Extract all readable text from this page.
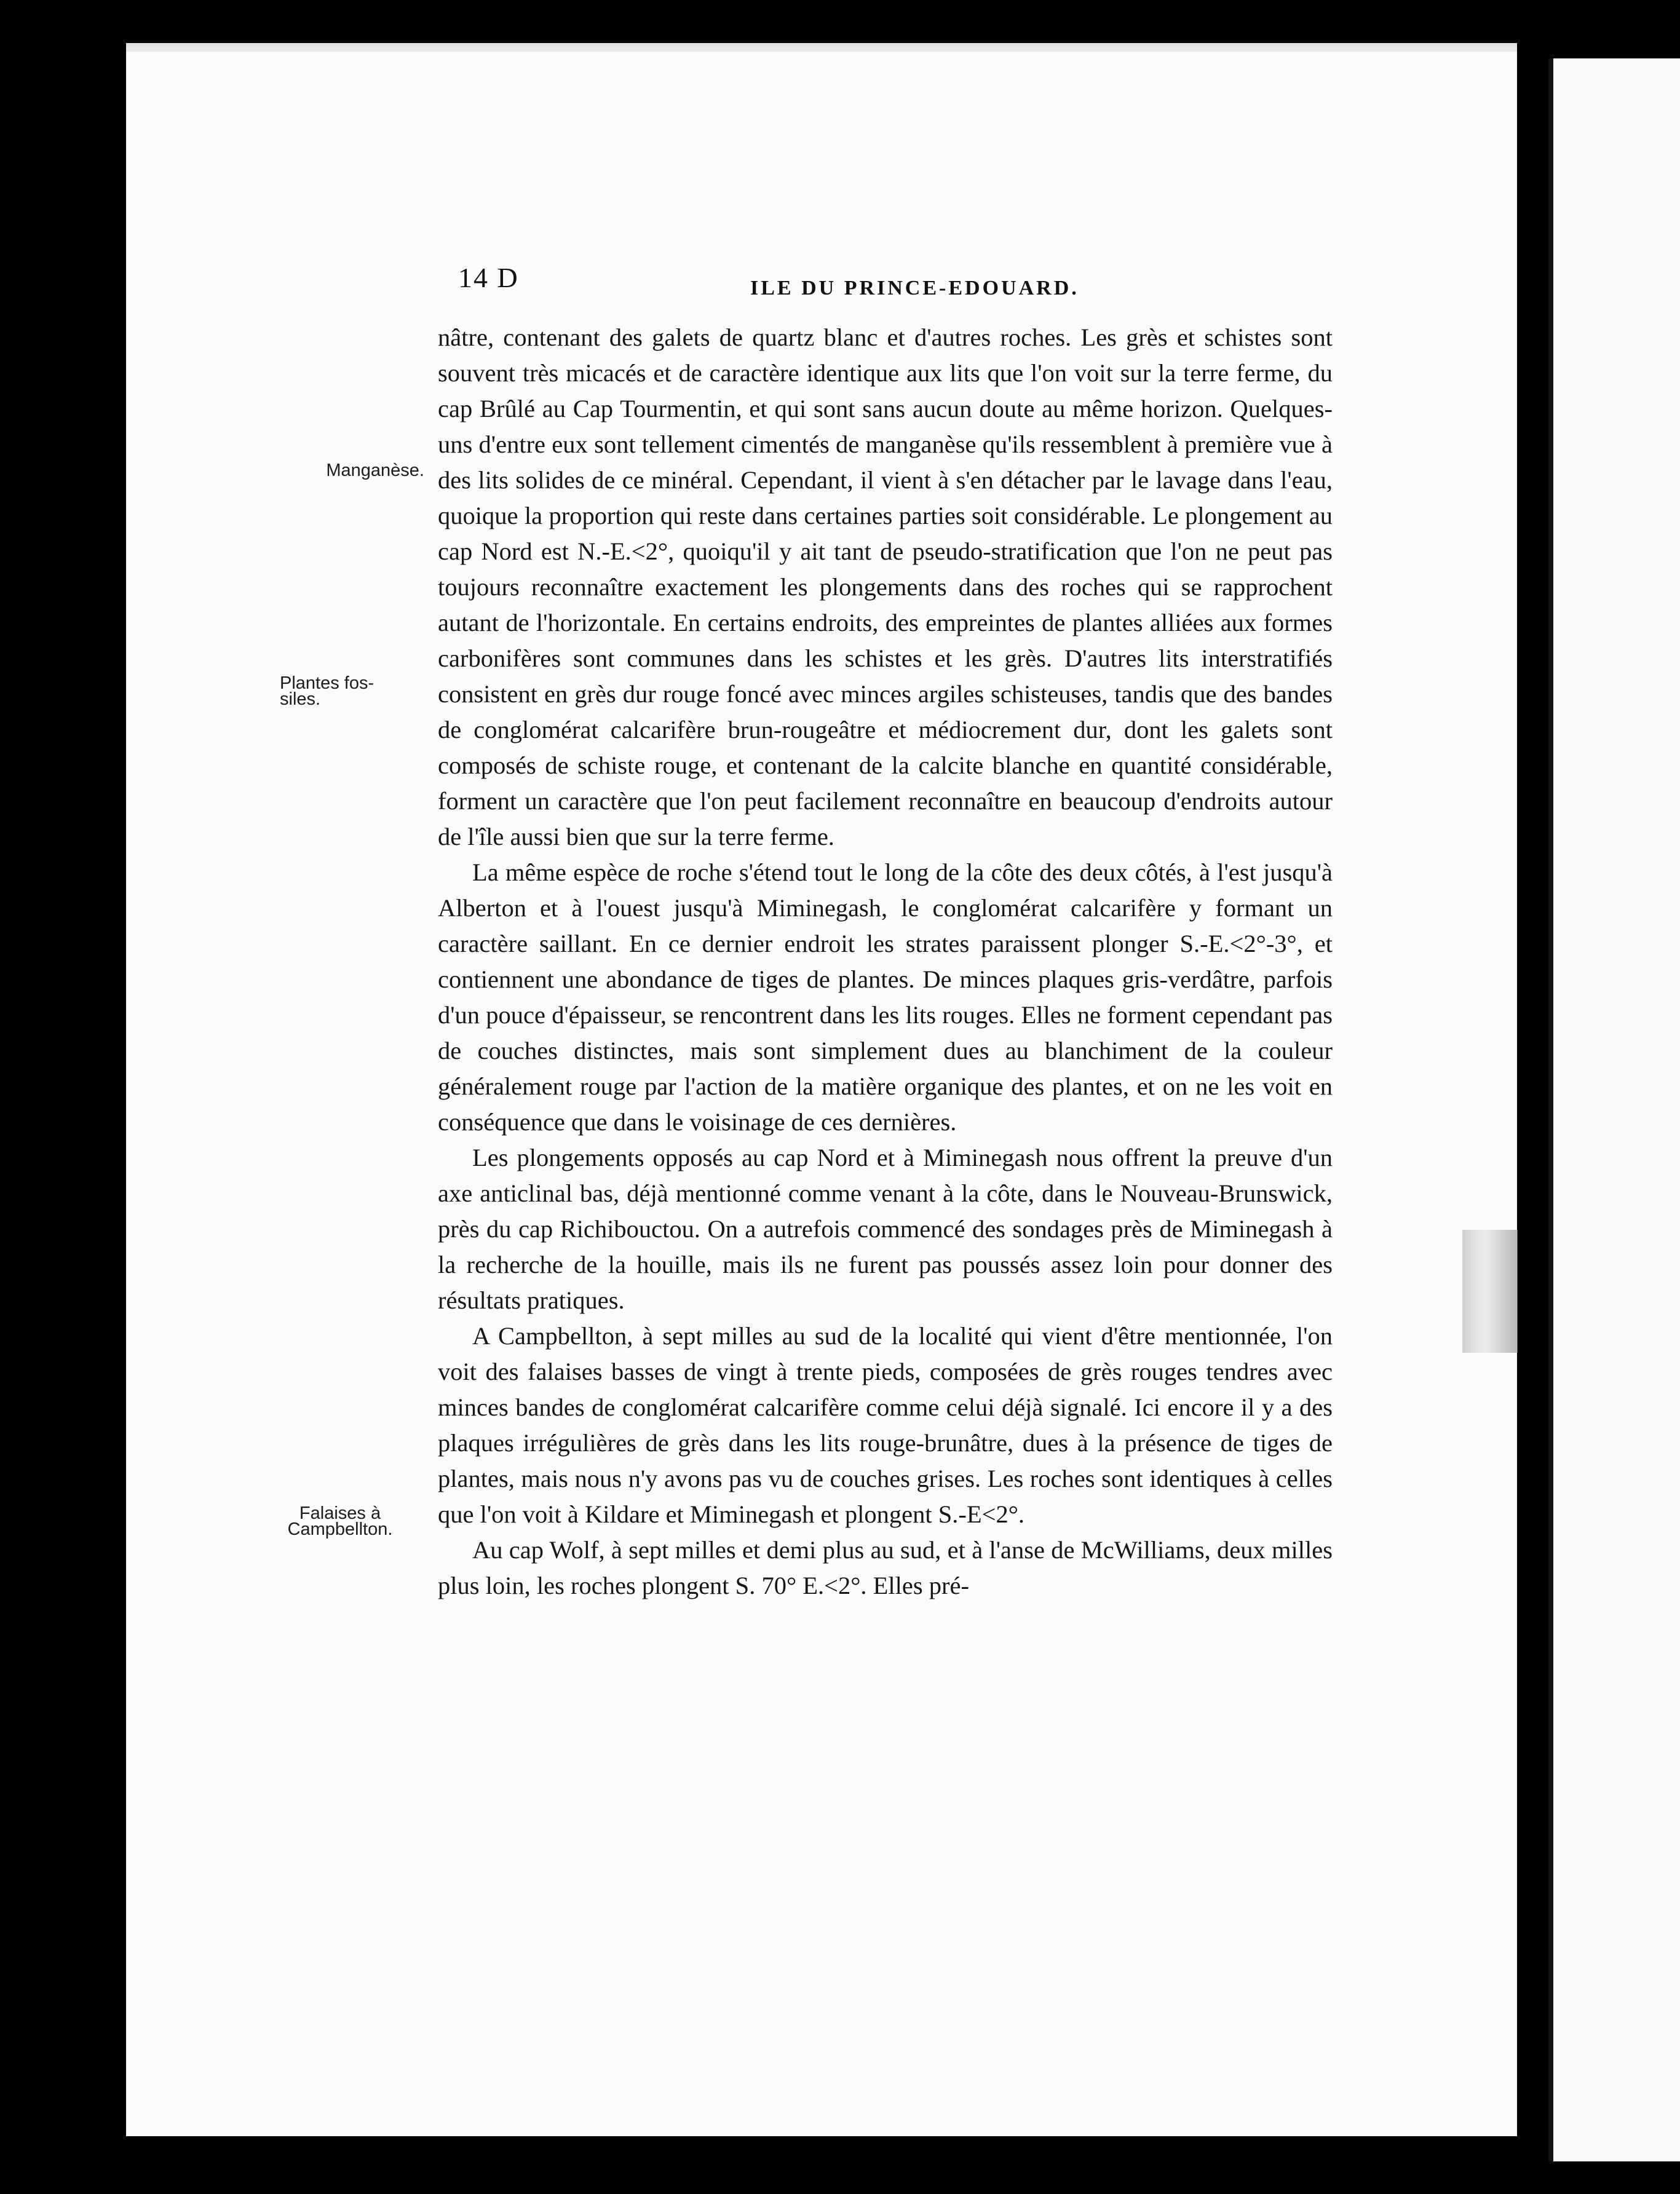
14 D	ILE DU PRINCE-EDOUARD.
Manganèse.
Plantes fos-
siles.
Falaises à
Campbellton.

nâtre, contenant des galets de quartz blanc et d'autres roches. Les grès et schistes sont souvent très micacés et de caractère identique aux lits que l'on voit sur la terre ferme, du cap Brûlé au Cap Tourmentin, et qui sont sans aucun doute au même horizon. Quelques-uns d'entre eux sont tellement cimentés de manganèse qu'ils ressemblent à première vue à des lits solides de ce minéral. Cependant, il vient à s'en détacher par le lavage dans l'eau, quoique la proportion qui reste dans certaines parties soit considérable. Le plongement au cap Nord est N.-E.<2°, quoiqu'il y ait tant de pseudo-stratification que l'on ne peut pas toujours reconnaître exactement les plongements dans des roches qui se rapprochent autant de l'horizontale. En certains endroits, des empreintes de plantes alliées aux formes carbonifères sont communes dans les schistes et les grès. D'autres lits interstratifiés consistent en grès dur rouge foncé avec minces argiles schisteuses, tandis que des bandes de conglomérat calcarifère brun-rougeâtre et médiocrement dur, dont les galets sont composés de schiste rouge, et contenant de la calcite blanche en quantité considérable, forment un caractère que l'on peut facilement reconnaître en beaucoup d'endroits autour de l'île aussi bien que sur la terre ferme.

La même espèce de roche s'étend tout le long de la côte des deux côtés, à l'est jusqu'à Alberton et à l'ouest jusqu'à Miminegash, le conglomérat calcarifère y formant un caractère saillant. En ce dernier endroit les strates paraissent plonger S.-E.<2°-3°, et contiennent une abondance de tiges de plantes. De minces plaques gris-verdâtre, parfois d'un pouce d'épaisseur, se rencontrent dans les lits rouges. Elles ne forment cependant pas de couches distinctes, mais sont simplement dues au blanchiment de la couleur généralement rouge par l'action de la matière organique des plantes, et on ne les voit en conséquence que dans le voisinage de ces dernières.

Les plongements opposés au cap Nord et à Miminegash nous offrent la preuve d'un axe anticlinal bas, déjà mentionné comme venant à la côte, dans le Nouveau-Brunswick, près du cap Richibouctou. On a autrefois commencé des sondages près de Miminegash à la recherche de la houille, mais ils ne furent pas poussés assez loin pour donner des résultats pratiques.

A Campbellton, à sept milles au sud de la localité qui vient d'être mentionnée, l'on voit des falaises basses de vingt à trente pieds, composées de grès rouges tendres avec minces bandes de conglomérat calcarifère comme celui déjà signalé. Ici encore il y a des plaques irrégulières de grès dans les lits rouge-brunâtre, dues à la présence de tiges de plantes, mais nous n'y avons pas vu de couches grises. Les roches sont identiques à celles que l'on voit à Kildare et Miminegash et plongent S.-E<2°.

Au cap Wolf, à sept milles et demi plus au sud, et à l'anse de McWilliams, deux milles plus loin, les roches plongent S. 70° E.<2°. Elles pré-
